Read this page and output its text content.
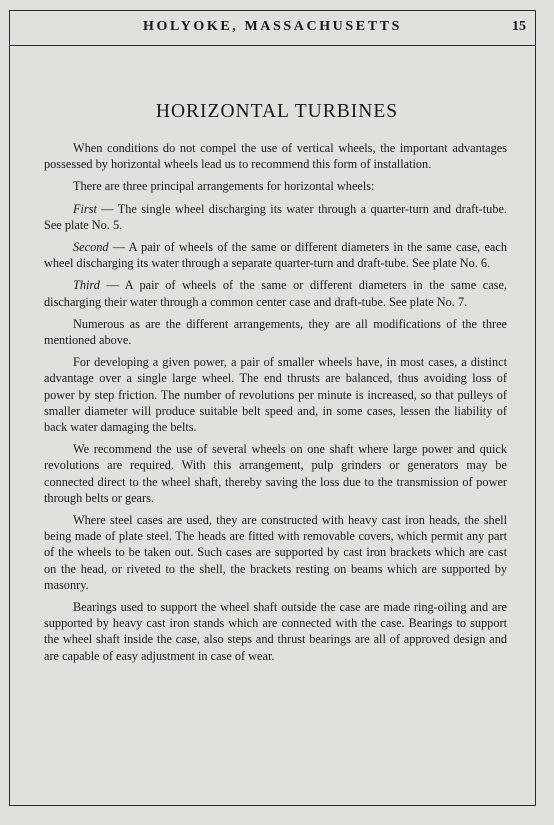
HOLYOKE, MASSACHUSETTS	15
HORIZONTAL TURBINES

When conditions do not compel the use of vertical wheels, the important advantages possessed by horizontal wheels lead us to recommend this form of installation.

There are three principal arrangements for horizontal wheels:

First — The single wheel discharging its water through a quarter-turn and draft-tube. See plate No. 5.

Second — A pair of wheels of the same or different diameters in the same case, each wheel discharging its water through a separate quarter-turn and draft-tube. See plate No. 6.

Third — A pair of wheels of the same or different diameters in the same case, discharging their water through a common center case and draft-tube. See plate No. 7.

Numerous as are the different arrangements, they are all modifications of the three mentioned above.

For developing a given power, a pair of smaller wheels have, in most cases, a distinct advantage over a single large wheel. The end thrusts are balanced, thus avoiding loss of power by step friction. The number of revolutions per minute is increased, so that pulleys of smaller diameter will produce suitable belt speed and, in some cases, lessen the liability of back water damaging the belts.

We recommend the use of several wheels on one shaft where large power and quick revolutions are required. With this arrangement, pulp grinders or generators may be connected direct to the wheel shaft, thereby saving the loss due to the transmission of power through belts or gears.

Where steel cases are used, they are constructed with heavy cast iron heads, the shell being made of plate steel. The heads are fitted with removable covers, which permit any part of the wheels to be taken out. Such cases are supported by cast iron brackets which are cast on the head, or riveted to the shell, the brackets resting on beams which are supported by masonry.

Bearings used to support the wheel shaft outside the case are made ring-oiling and are supported by heavy cast iron stands which are connected with the case. Bearings to support the wheel shaft inside the case, also steps and thrust bearings are all of approved design and are capable of easy adjustment in case of wear.
